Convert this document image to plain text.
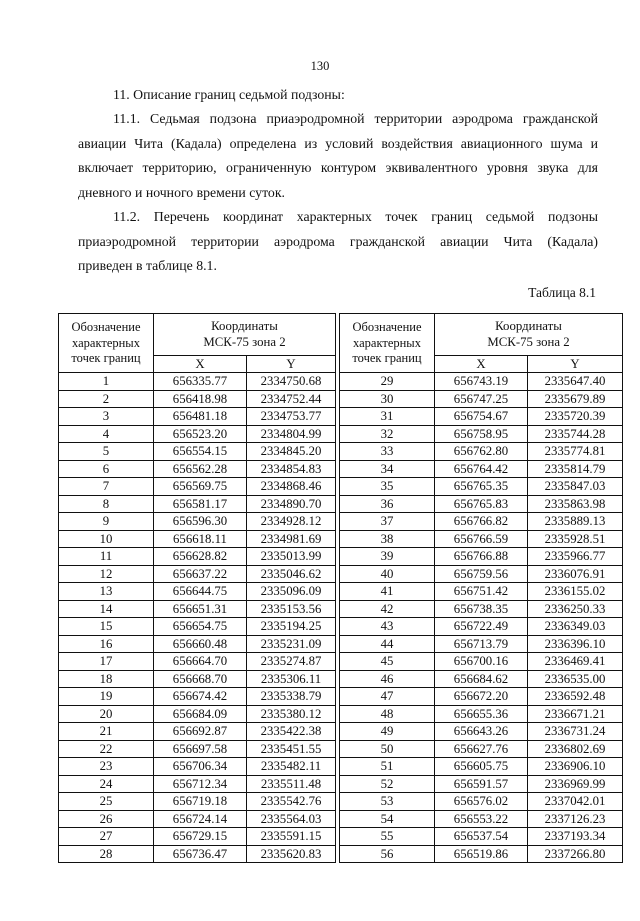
130

11. Описание границ седьмой подзоны:

11.1. Седьмая подзона приаэродромной территории аэродрома гражданской
авиации Чита (Кадала) определена из условий воздействия авиационного шума и
включает территорию, ограниченную контуром эквивалентного уровня звука для
дневного и ночного времени суток.

11.2. Перечень координат характерных точек границ седьмой подзоны
приаэродромной территории аэродрома гражданской авиации Чита (Кадала)
приведен в таблице 8.1.

Таблица 8.1
Обозначение
характерных
точек границ	Координаты
МСК-75 зона 2	
	X	Y
1	656335.77	2334750.68
2	656418.98	2334752.44
3	656481.18	2334753.77
4	656523.20	2334804.99
5	656554.15	2334845.20
6	656562.28	2334854.83
7	656569.75	2334868.46
8	656581.17	2334890.70
9	656596.30	2334928.12
10	656618.11	2334981.69
11	656628.82	2335013.99
12	656637.22	2335046.62
13	656644.75	2335096.09
14	656651.31	2335153.56
15	656654.75	2335194.25
16	656660.48	2335231.09
17	656664.70	2335274.87
18	656668.70	2335306.11
19	656674.42	2335338.79
20	656684.09	2335380.12
21	656692.87	2335422.38
22	656697.58	2335451.55
23	656706.34	2335482.11
24	656712.34	2335511.48
25	656719.18	2335542.76
26	656724.14	2335564.03
27	656729.15	2335591.15
28	656736.47	2335620.83
Обозначение
характерных
точек границ	Координаты
МСК-75 зона 2	
	X	Y
29	656743.19	2335647.40
30	656747.25	2335679.89
31	656754.67	2335720.39
32	656758.95	2335744.28
33	656762.80	2335774.81
34	656764.42	2335814.79
35	656765.35	2335847.03
36	656765.83	2335863.98
37	656766.82	2335889.13
38	656766.59	2335928.51
39	656766.88	2335966.77
40	656759.56	2336076.91
41	656751.42	2336155.02
42	656738.35	2336250.33
43	656722.49	2336349.03
44	656713.79	2336396.10
45	656700.16	2336469.41
46	656684.62	2336535.00
47	656672.20	2336592.48
48	656655.36	2336671.21
49	656643.26	2336731.24
50	656627.76	2336802.69
51	656605.75	2336906.10
52	656591.57	2336969.99
53	656576.02	2337042.01
54	656553.22	2337126.23
55	656537.54	2337193.34
56	656519.86	2337266.80
